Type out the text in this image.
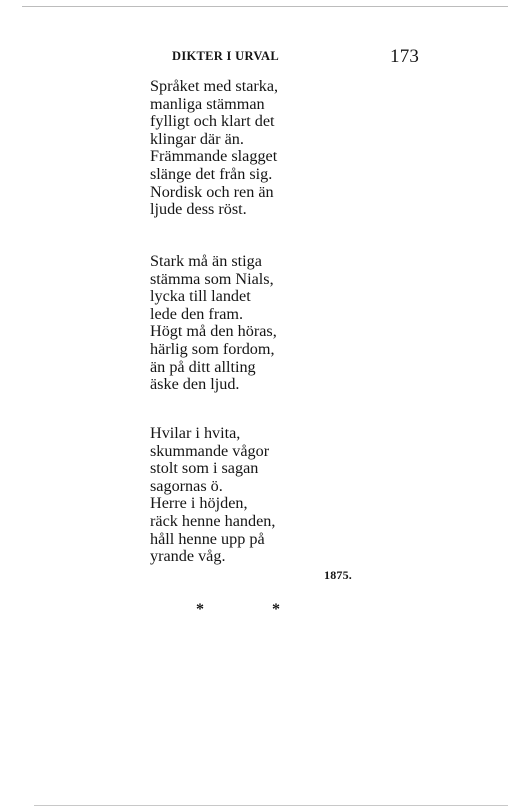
DIKTER I URVAL	173
Språket med starka,
manliga stämman
fylligt och klart det
klingar där än.
Främmande slagget
slänge det från sig.
Nordisk och ren än
ljude dess röst.
Stark må än stiga
stämma som Nials,
lycka till landet
lede den fram.
Högt må den höras,
härlig som fordom,
än på ditt allting
äske den ljud.
Hvilar i hvita,
skummande vågor
stolt som i sagan
sagornas ö.
Herre i höjden,
räck henne handen,
håll henne upp på
yrande våg.
1875.
* *
